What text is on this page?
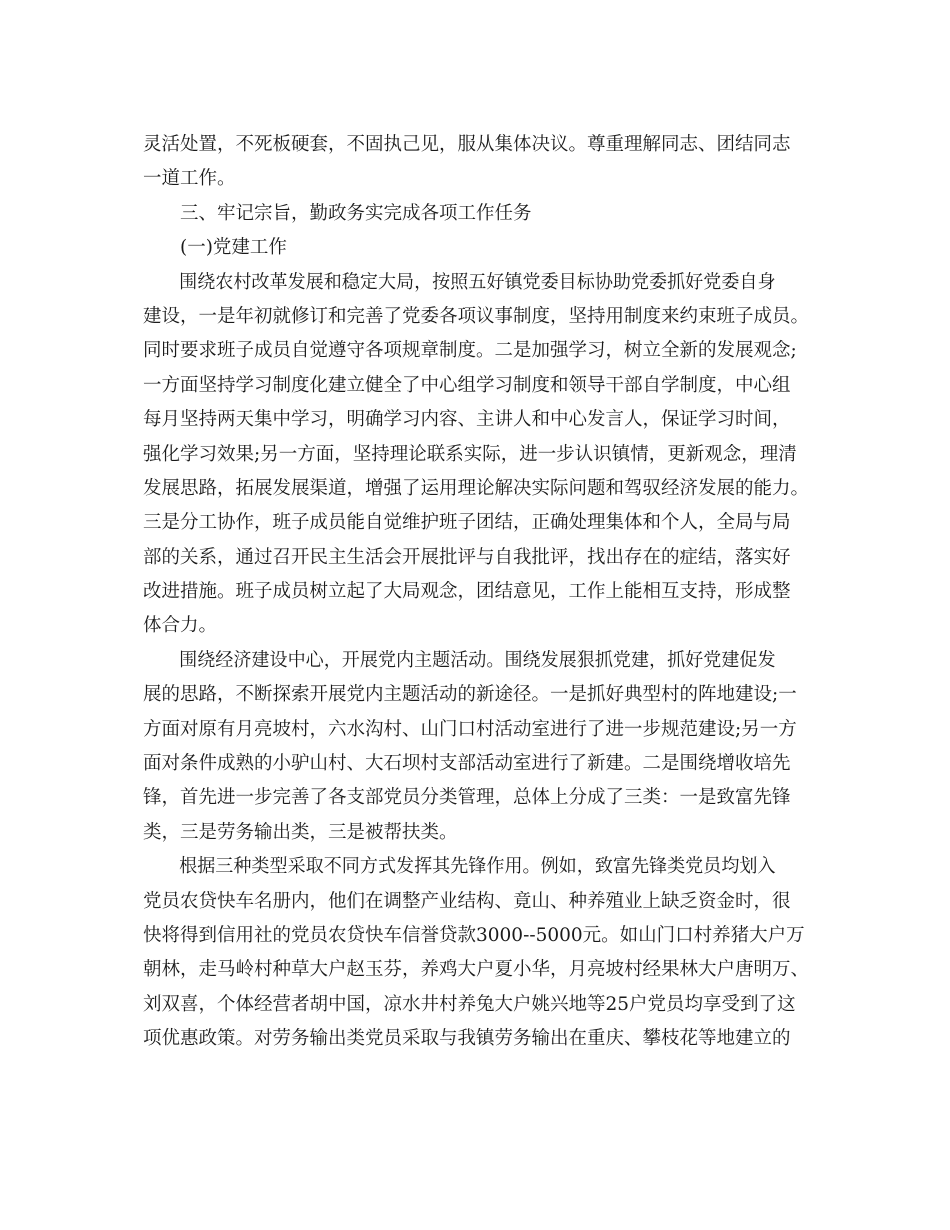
灵活处置，不死板硬套，不固执己见，服从集体决议。尊重理解同志、团结同志
一道工作。
三、牢记宗旨，勤政务实完成各项工作任务
(一)党建工作
围绕农村改革发展和稳定大局，按照五好镇党委目标协助党委抓好党委自身
建设，一是年初就修订和完善了党委各项议事制度，坚持用制度来约束班子成员。
同时要求班子成员自觉遵守各项规章制度。二是加强学习，树立全新的发展观念;
一方面坚持学习制度化建立健全了中心组学习制度和领导干部自学制度，中心组
每月坚持两天集中学习，明确学习内容、主讲人和中心发言人，保证学习时间，
强化学习效果;另一方面，坚持理论联系实际，进一步认识镇情，更新观念，理清
发展思路，拓展发展渠道，增强了运用理论解决实际问题和驾驭经济发展的能力。
三是分工协作，班子成员能自觉维护班子团结，正确处理集体和个人，全局与局
部的关系，通过召开民主生活会开展批评与自我批评，找出存在的症结，落实好
改进措施。班子成员树立起了大局观念，团结意见，工作上能相互支持，形成整
体合力。
围绕经济建设中心，开展党内主题活动。围绕发展狠抓党建，抓好党建促发
展的思路，不断探索开展党内主题活动的新途径。一是抓好典型村的阵地建设;一
方面对原有月亮坡村，六水沟村、山门口村活动室进行了进一步规范建设;另一方
面对条件成熟的小驴山村、大石坝村支部活动室进行了新建。二是围绕增收培先
锋，首先进一步完善了各支部党员分类管理，总体上分成了三类：一是致富先锋
类，三是劳务输出类，三是被帮扶类。
根据三种类型采取不同方式发挥其先锋作用。例如，致富先锋类党员均划入
党员农贷快车名册内，他们在调整产业结构、竟山、种养殖业上缺乏资金时，很
快将得到信用社的党员农贷快车信誉贷款3000--5000元。如山门口村养猪大户万
朝林，走马岭村种草大户赵玉芬，养鸡大户夏小华，月亮坡村经果林大户唐明万、
刘双喜，个体经营者胡中国，凉水井村养兔大户姚兴地等25户党员均享受到了这
项优惠政策。对劳务输出类党员采取与我镇劳务输出在重庆、攀枝花等地建立的
